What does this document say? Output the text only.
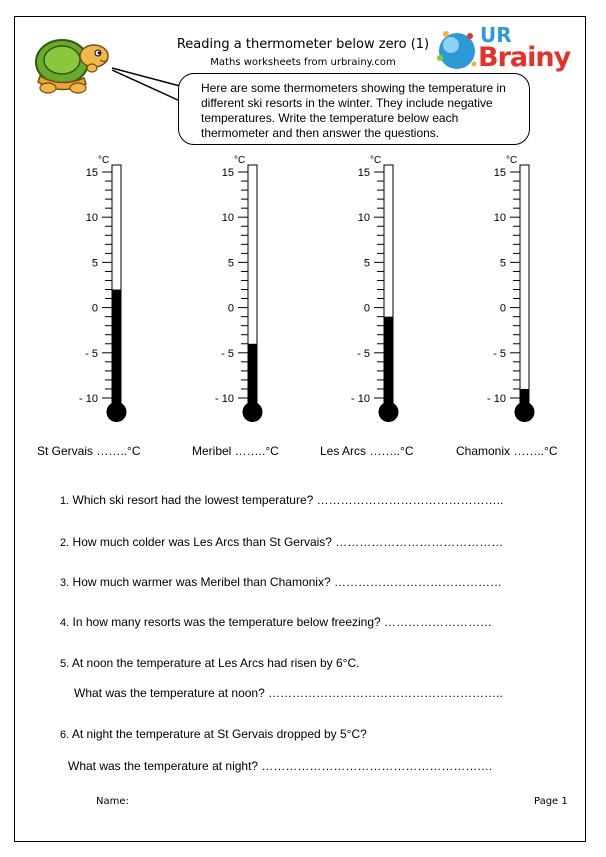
Reading a thermometer below zero (1)
Maths worksheets from urbrainy.com
UR
Brainy
Here are some thermometers showing the temperature in different ski resorts in the winter. They include negative temperatures. Write the temperature below each thermometer and then answer the questions.
15
10
5
0
- 5
- 10
°C
15
10
5
0
- 5
- 10
°C
15
10
5
0
- 5
- 10
°C
15
10
5
0
- 5
- 10
°C
St Gervais ……..°C	Meribel ……..°C	Les Arcs ……..°C	Chamonix ……..°C
1. Which ski resort had the lowest temperature? ………………………………………..
2. How much colder was Les Arcs than St Gervais? ……………………………………
3. How much warmer was Meribel than Chamonix? ……………………………………
4. In how many resorts was the temperature below freezing? ………………………
5. At noon the temperature at Les Arcs had risen by 6°C.
What was the temperature at noon? …………………………………………………..
6. At night the temperature at St Gervais dropped by 5°C?
What was the temperature at night? ……………………………………………….…
Name:	Page 1
